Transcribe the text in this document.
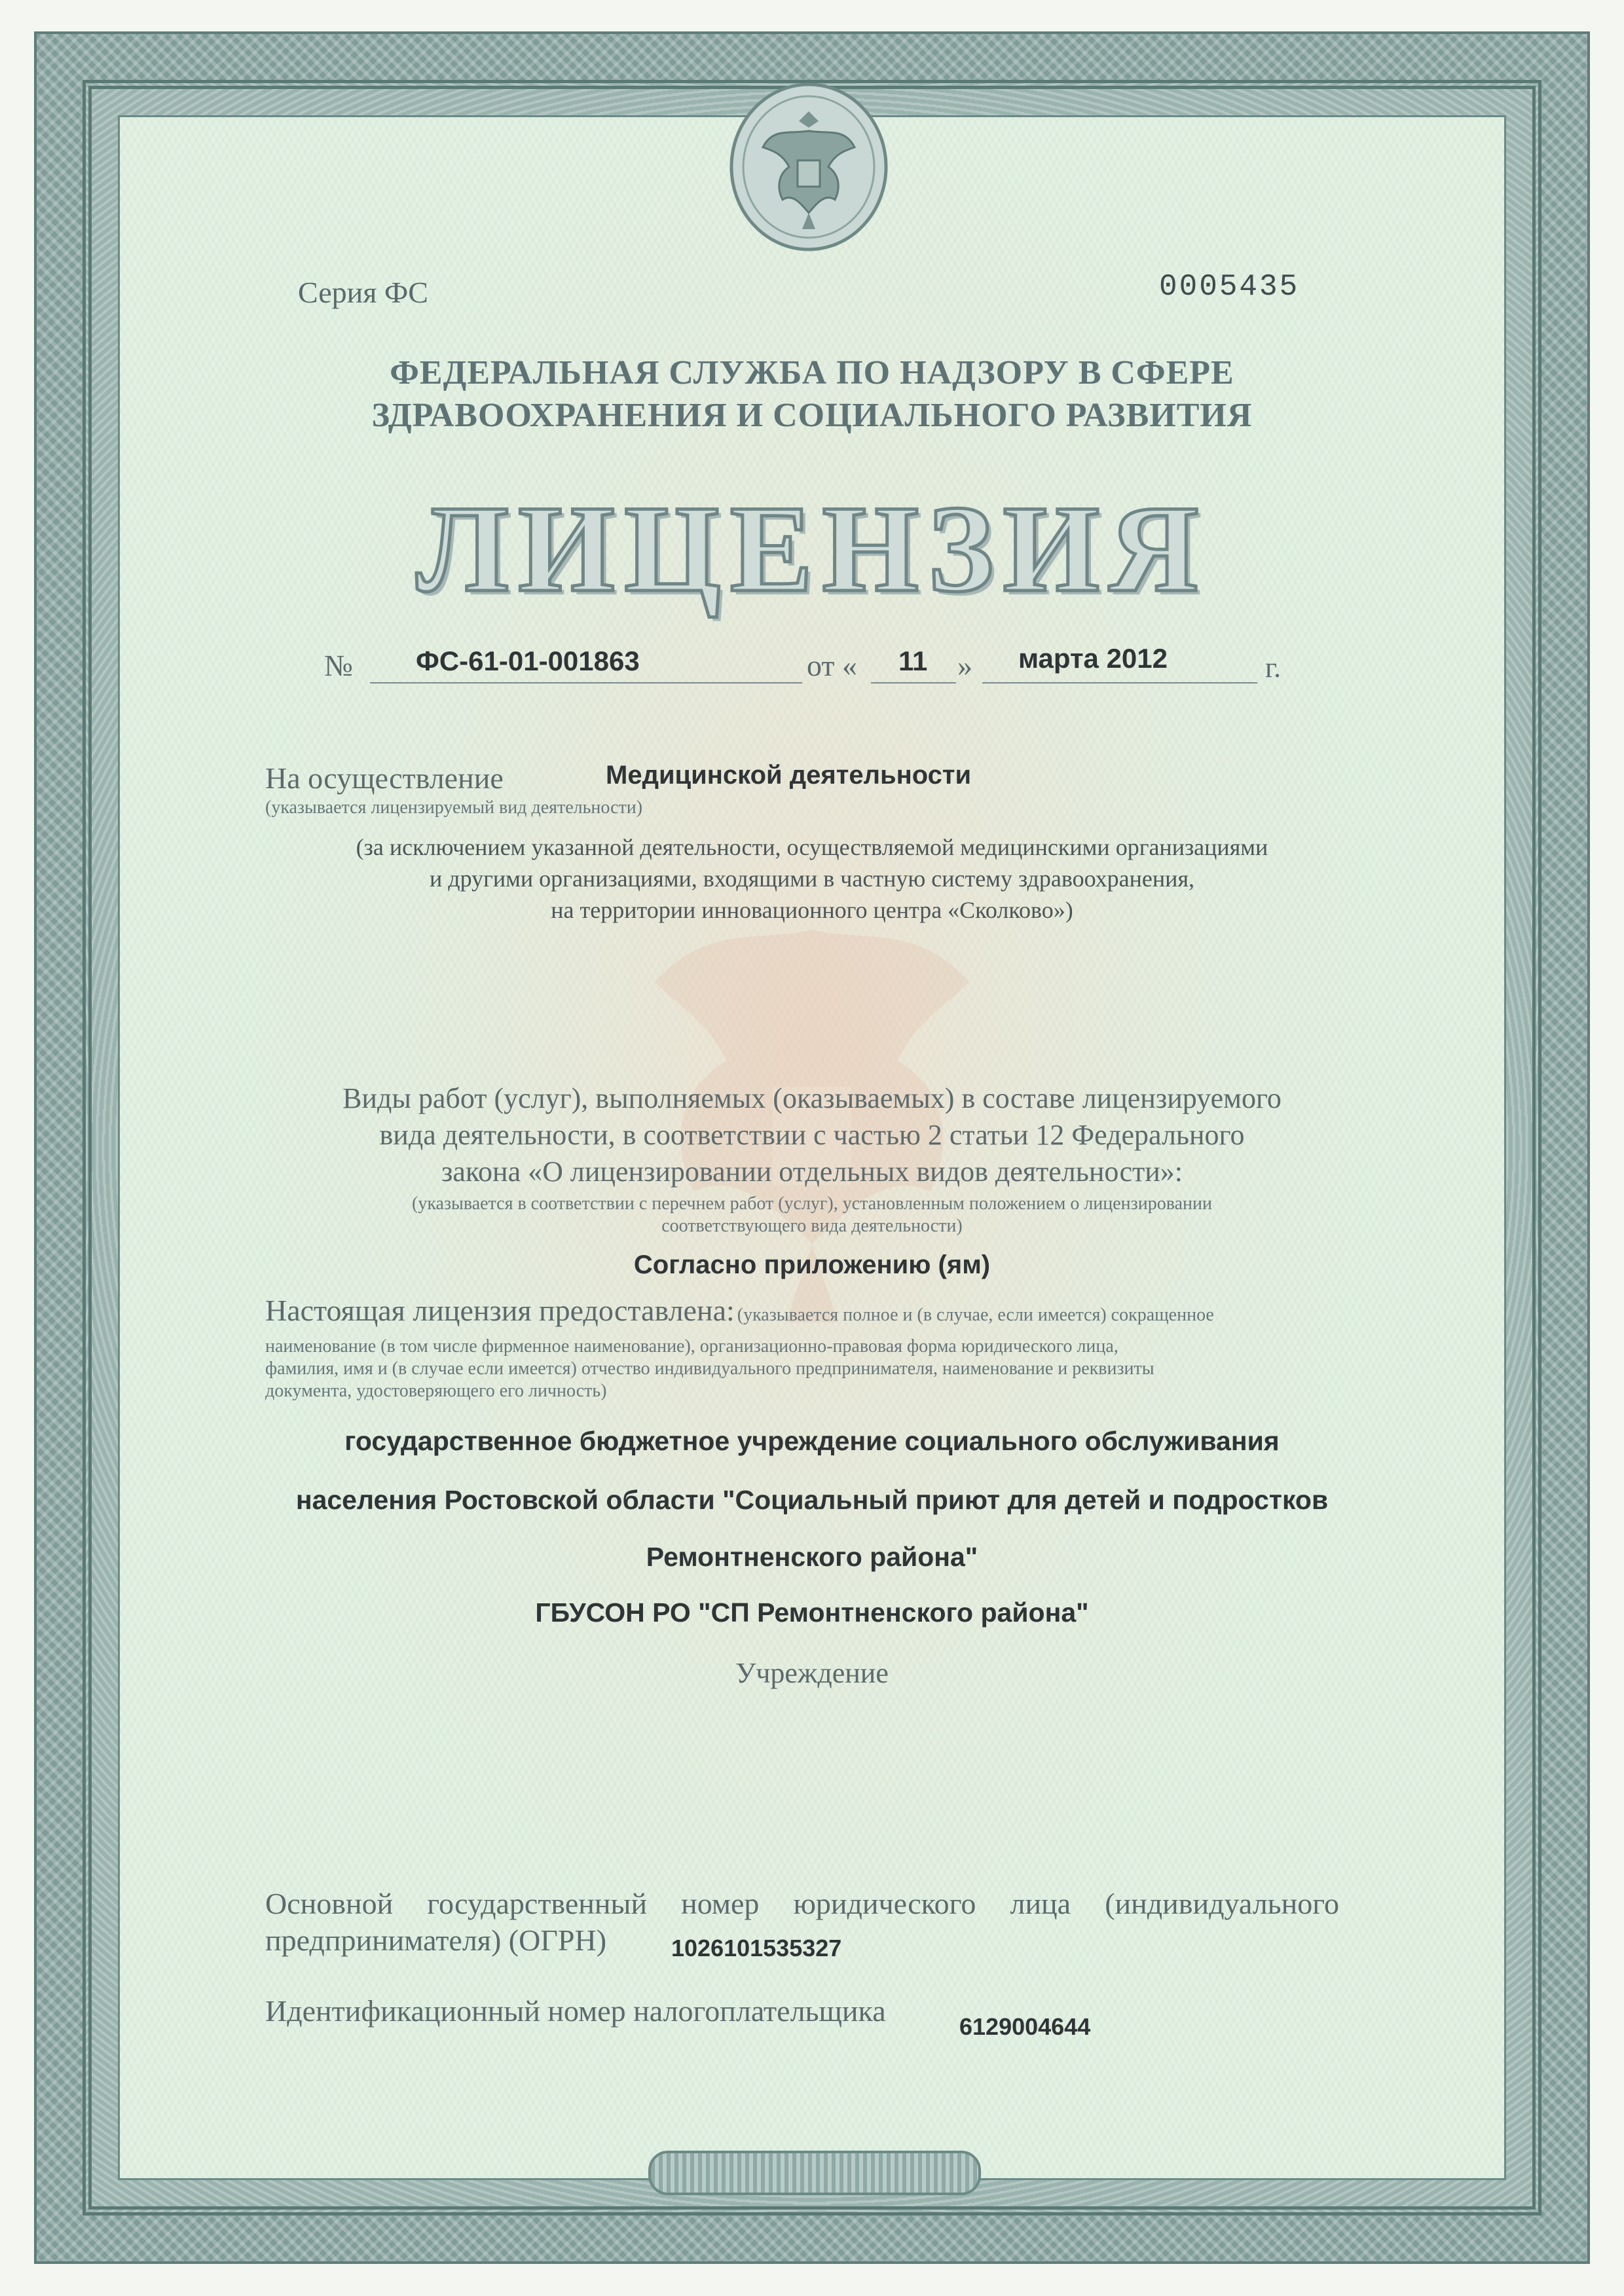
Серия ФС	0005435
ФЕДЕРАЛЬНАЯ СЛУЖБА ПО НАДЗОРУ В СФЕРЕ
ЗДРАВООХРАНЕНИЯ И СОЦИАЛЬНОГО РАЗВИТИЯ
ЛИЦЕНЗИЯ
№ ФС-61-01-001863	от « 11 » марта 2012	г.
На осуществление	Медицинской деятельности
(указывается лицензируемый вид деятельности)
(за исключением указанной деятельности, осуществляемой медицинскими организациями
и другими организациями, входящими в частную систему здравоохранения,
на территории инновационного центра «Сколково»)
Виды работ (услуг), выполняемых (оказываемых) в составе лицензируемого
вида деятельности, в соответствии с частью 2 статьи 12 Федерального
закона «О лицензировании отдельных видов деятельности»:
(указывается в соответствии с перечнем работ (услуг), установленным положением о лицензировании
соответствующего вида деятельности)
Согласно приложению (ям)
Настоящая лицензия предоставлена: (указывается полное и (в случае, если имеется) сокращенное
наименование (в том числе фирменное наименование), организационно-правовая форма юридического лица,
фамилия, имя и (в случае если имеется) отчество индивидуального предпринимателя, наименование и реквизиты
документа, удостоверяющего его личность)
государственное бюджетное учреждение социального обслуживания
населения Ростовской области "Социальный приют для детей и подростков
Ремонтненского района"
ГБУСОН РО "СП Ремонтненского района"
Учреждение
Основной государственный номер юридического лица (индивидуального
предпринимателя) (ОГРН)	1026101535327
Идентификационный номер налогоплательщика	6129004644
